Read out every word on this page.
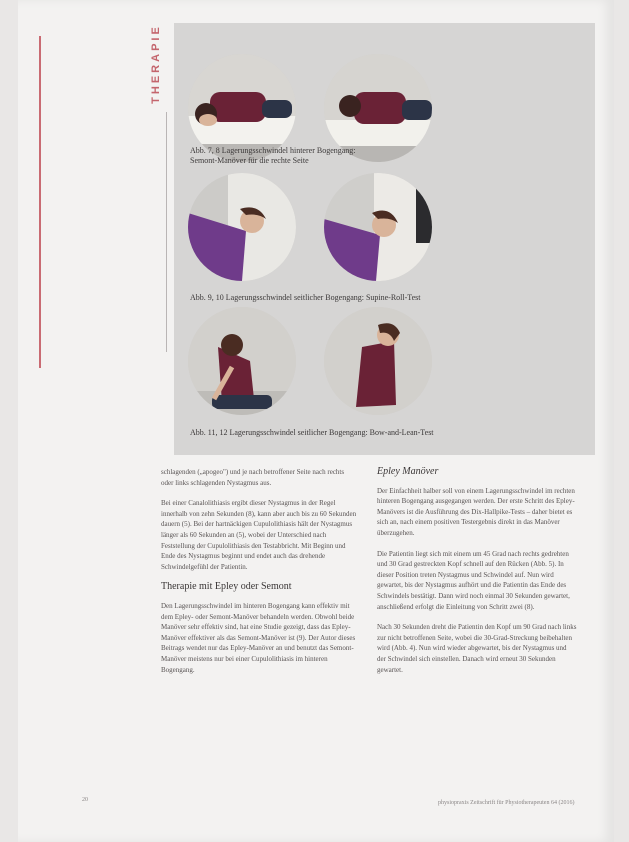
THERAPIE
Abb. 7, 8 Lagerungsschwindel hinterer Bogengang:
Semont-Manöver für die rechte Seite
Abb. 9, 10 Lagerungsschwindel seitlicher Bogengang: Supine-Roll-Test
Abb. 11, 12 Lagerungsschwindel seitlicher Bogengang: Bow-and-Lean-Test

schlagenden („apogeo") und je nach betroffener Seite nach rechts oder links schlagenden Nystagmus aus.

Bei einer Canalolithiasis ergibt dieser Nystagmus in der Regel innerhalb von zehn Sekunden (8), kann aber auch bis zu 60 Sekunden dauern (5). Bei der hartnäckigen Cupulolithiasis hält der Nystagmus länger als 60 Sekunden an (5), wobei der Unterschied nach Feststellung der Cupulolithiasis den Testabbricht. Mit Beginn und Ende des Nystagmus beginnt und endet auch das drehende Schwindelgefühl der Patientin.

Therapie mit Epley oder Semont

Den Lagerungsschwindel im hinteren Bogengang kann effektiv mit dem Epley- oder Semont-Manöver behandeln werden. Obwohl beide Manöver sehr effektiv sind, hat eine Studie gezeigt, dass das Epley-Manöver effektiver als das Semont-Manöver ist (9). Der Autor dieses Beitrags wendet nur das Epley-Manöver an und benutzt das Semont-Manöver meistens nur bei einer Cupulolithiasis im hinteren Bogengang.

Epley Manöver

Der Einfachheit halber soll von einem Lagerungsschwindel im rechten hinteren Bogengang ausgegangen werden. Der erste Schritt des Epley-Manövers ist die Ausführung des Dix-Hallpike-Tests – daher bietet es sich an, nach einem positiven Testergebnis direkt in das Manöver überzugehen.

Die Patientin liegt sich mit einem um 45 Grad nach rechts gedrehten und 30 Grad gestreckten Kopf schnell auf den Rücken (Abb. 5). In dieser Position treten Nystagmus und Schwindel auf. Nun wird gewartet, bis der Nystagmus aufhört und die Patientin das Ende des Schwindels bestätigt. Dann wird noch einmal 30 Sekunden gewartet, anschließend erfolgt die Einleitung von Schritt zwei (8).

Nach 30 Sekunden dreht die Patientin den Kopf um 90 Grad nach links zur nicht betroffenen Seite, wobei die 30-Grad-Streckung beibehalten wird (Abb. 4). Nun wird wieder abgewartet, bis der Nystagmus und der Schwindel sich einstellen. Danach wird erneut 30 Sekunden gewartet.

20	physiopraxis Zeitschrift für Physiotherapeuten 64 (2016)
